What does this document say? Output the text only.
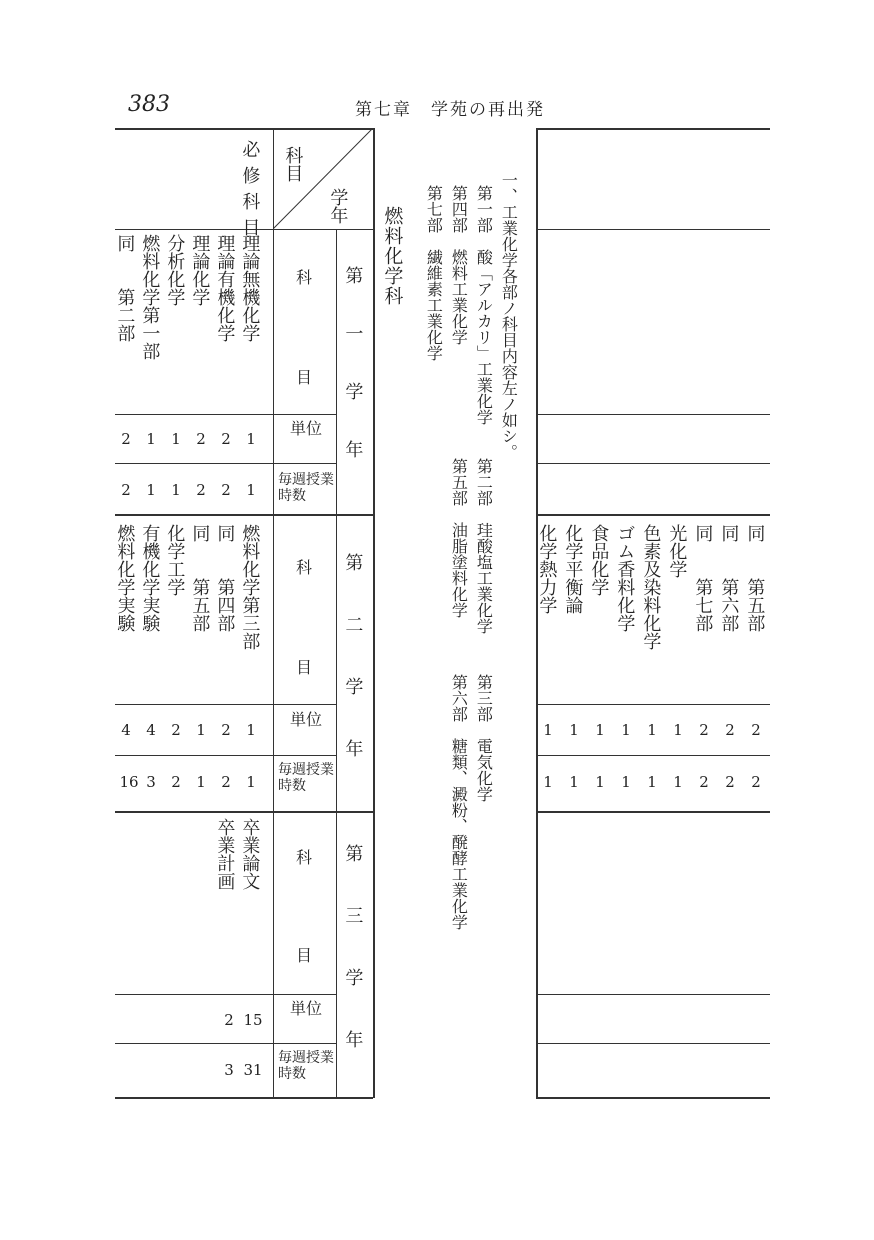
383	第七章　学苑の再出発
科目
学年
必修科目
第一学年
第二学年
第三学年
科
目
単位
毎週授業時数
科
目
単位
毎週授業時数
科
目
単位
毎週授業時数
理論無機化学
理論有機化学
理論化学
分析化学
燃料化学第一部
同　　第二部
1
2
2
1
1
2
1
2
2
1
1
2
燃料化学第三部
同　　第四部
同　　第五部
化学工学
有機化学実験
燃料化学実験
1
2
1
2
4
4
1
2
1
2
3
16
卒業論文
卒業計画
15
2
31
3
燃料化学科	一、工業化学各部ノ科目内容左ノ如シ。
第一部　酸「アルカリ」工業化学
第二部　珪酸塩工業化学
第三部　電気化学
第四部　燃料工業化学
第五部　油脂塗料化学
第六部　糖類、澱粉、醗酵工業化学
第七部　繊維素工業化学
同　　第五部
同　　第六部
同　　第七部
光化学
色素及染料化学
ゴム香料化学
食品化学
化学平衡論
化学熱力学
2
2
2
1
1
1
1
1
1
2
2
2
1
1
1
1
1
1
